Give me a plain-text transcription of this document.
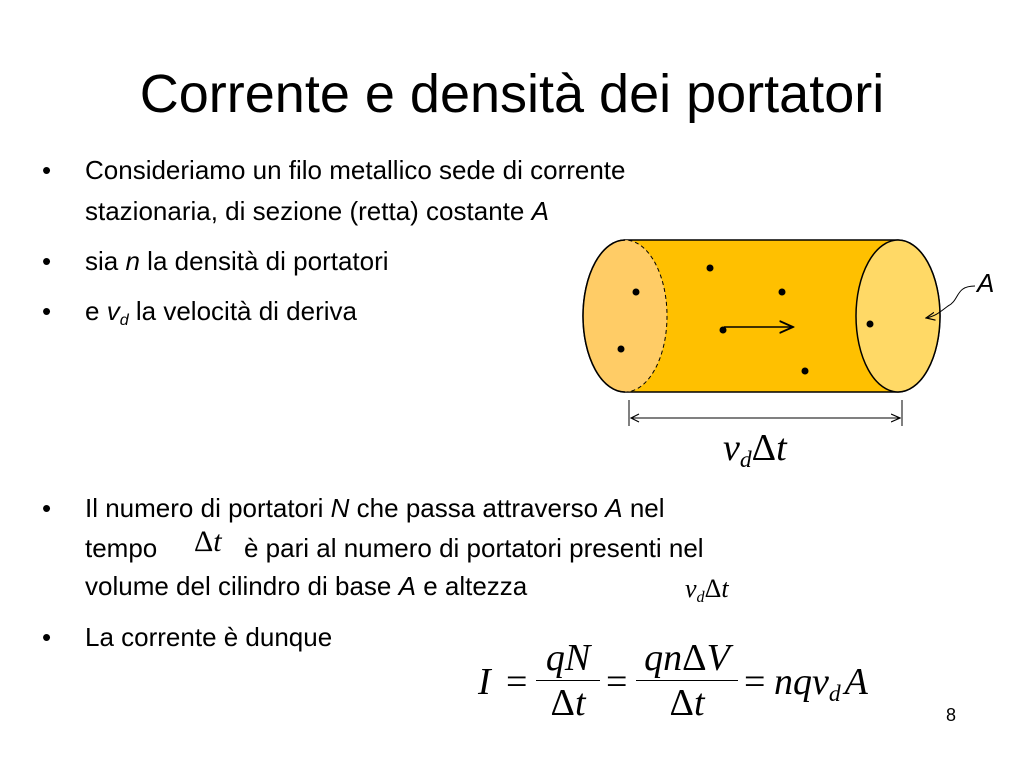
Corrente e densità dei portatori
• Consideriamo un filo metallico sede di corrente
stazionaria, di sezione (retta) costante A
• sia n la densità di portatori
• e $v_d$ la velocità di deriva
A
$v_d\Delta t$
• Il numero di portatori N che passa attraverso A nel
tempo Δt è pari al numero di portatori presenti nel
volume del cilindro di base A e altezza	$v_d\Delta t$
• La corrente è dunque
I =
qN
Δt =
qnΔV
Δt	= nqv$_d$ A
8
